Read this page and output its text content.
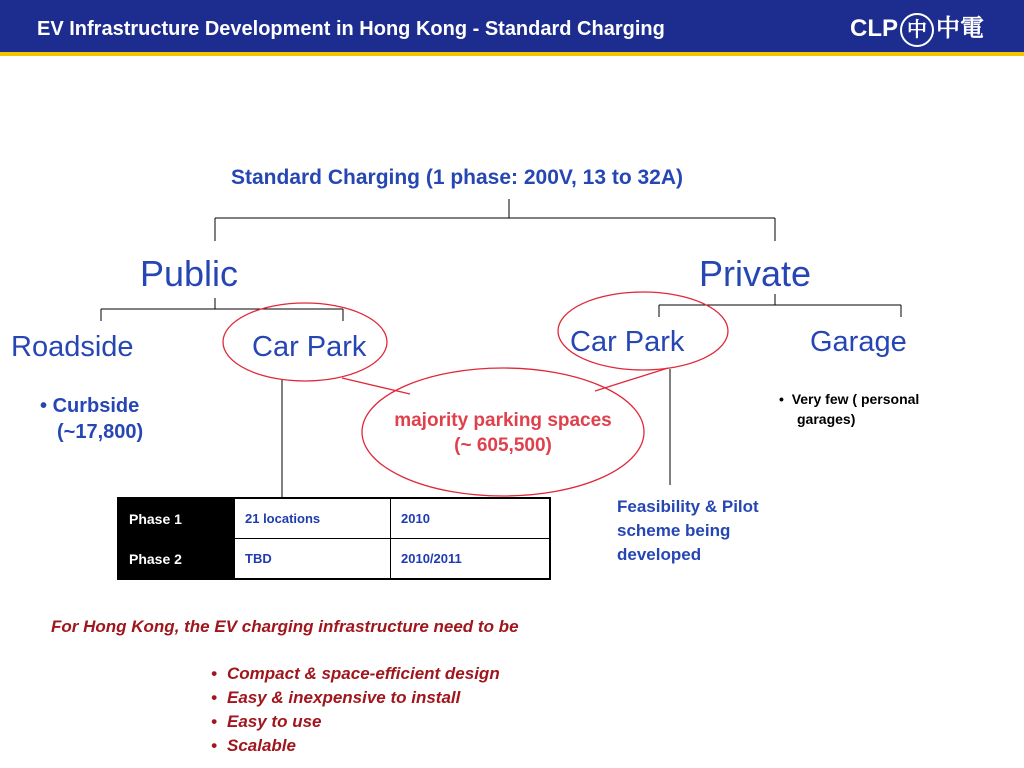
EV Infrastructure Development in Hong Kong - Standard Charging	CLP 中 中電
Standard Charging (1 phase: 200V, 13 to 32A)
Public	Private
Roadside	Car Park	Car Park	Garage
• Curbside
(~17,800)
majority parking spaces
(~ 605,500)
Feasibility & Pilot
scheme being
developed
•  Very few ( personal
garages)
Phase 1	21 locations	2010
Phase 2	TBD	2010/2011
For Hong Kong, the EV charging infrastructure need to be
• Compact & space-efficient design
• Easy & inexpensive to install
• Easy to use
• Scalable
